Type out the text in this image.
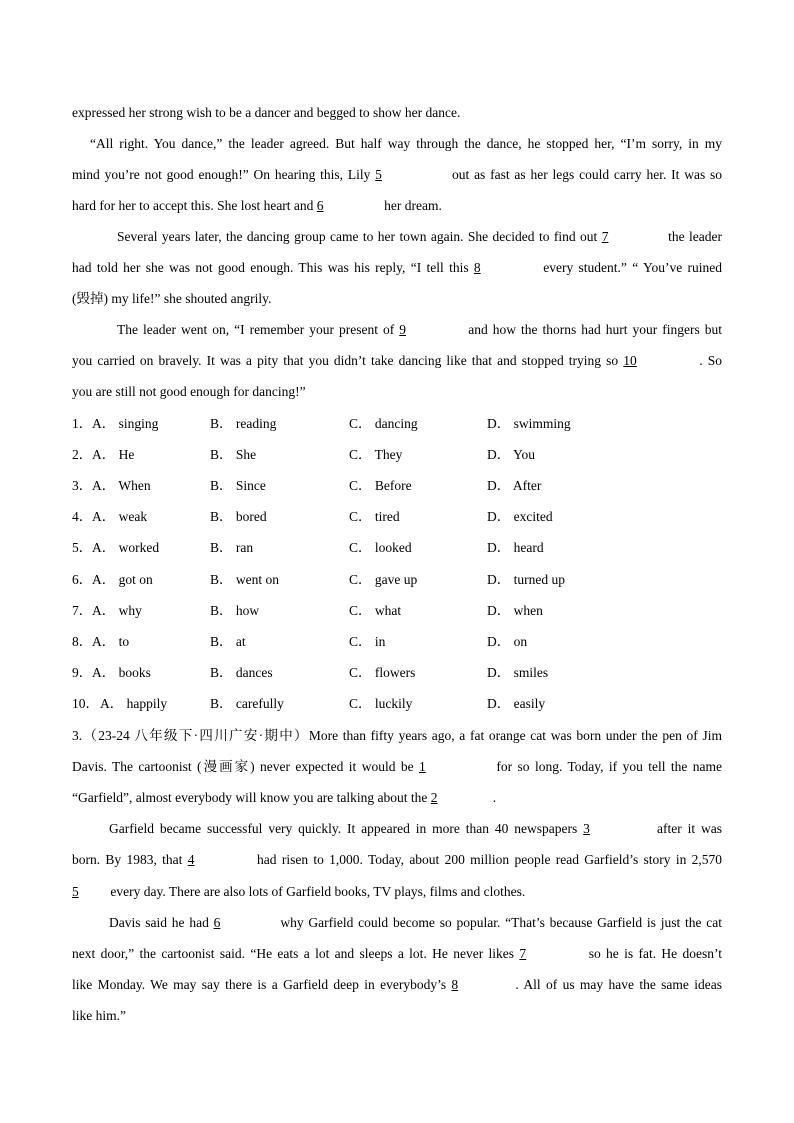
expressed her strong wish to be a dancer and begged to show her dance.
“All right. You dance,” the leader agreed. But half way through the dance, he stopped her, “I’m sorry, in my
mind you’re not good enough!” On hearing this, Lily 5	out as fast as her legs could carry her. It was so
hard for her to accept this. She lost heart and 6	her dream.
Several years later, the dancing group came to her town again. She decided to find out 7	the leader
had told her she was not good enough. This was his reply, “I tell this 8	every student.” “ You’ve ruined
(毁掉) my life!” she shouted angrily.
The leader went on, “I remember your present of 9	and how the thorns had hurt your fingers but
you carried on bravely. It was a pity that you didn’t take dancing like that and stopped trying so 10	. So
you are still not good enough for dancing!”
1． A． singing	B． reading	C． dancing	D． swimming
2． A． He	B． She	C． They	D． You
3． A． When	B． Since	C． Before	D． After
4． A． weak	B． bored	C． tired	D． excited
5． A． worked	B． ran	C． looked	D． heard
6． A． got on	B． went on	C． gave up	D． turned up
7． A． why	B． how	C． what	D． when
8． A． to	B． at	C． in	D． on
9． A． books	B． dances	C． flowers	D． smiles
10． A． happily	B． carefully	C． luckily	D． easily
3.（23-24 八年级下·四川广安·期中）More than fifty years ago, a fat orange cat was born under the pen of Jim
Davis. The cartoonist (漫画家) never expected it would be 1	for so long. Today, if you tell the name
“Garfield”, almost everybody will know you are talking about the 2	.
Garfield became successful very quickly. It appeared in more than 40 newspapers 3	after it was
born. By 1983, that 4	had risen to 1,000. Today, about 200 million people read Garfield’s story in 2,570
5 every day. There are also lots of Garfield books, TV plays, films and clothes.
Davis said he had 6	why Garfield could become so popular. “That’s because Garfield is just the cat
next door,” the cartoonist said. “He eats a lot and sleeps a lot. He never likes 7	so he is fat. He doesn’t
like Monday. We may say there is a Garfield deep in everybody’s 8	. All of us may have the same ideas
like him.”
